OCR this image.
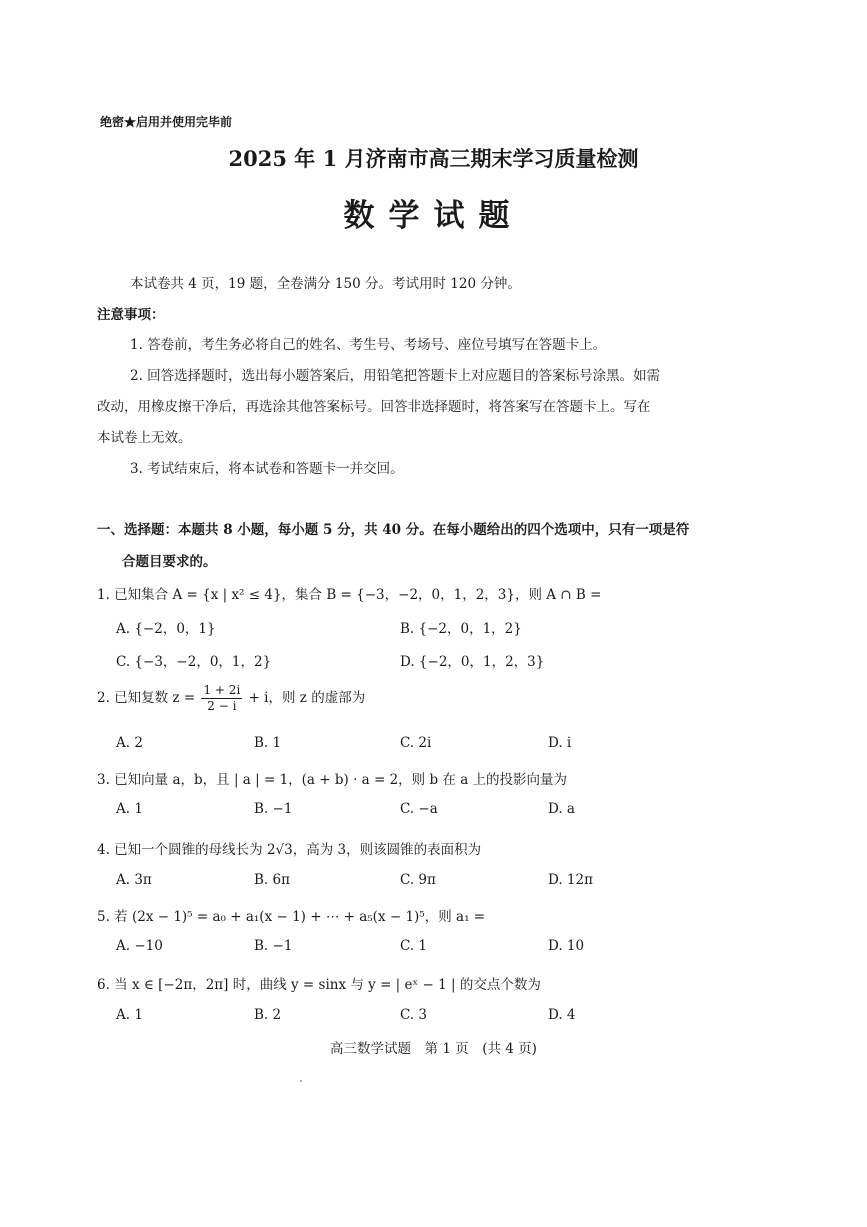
绝密★启用并使用完毕前
2025 年 1 月济南市高三期末学习质量检测
数学试题
本试卷共 4 页，19 题，全卷满分 150 分。考试用时 120 分钟。
注意事项：
1. 答卷前，考生务必将自己的姓名、考生号、考场号、座位号填写在答题卡上。
2. 回答选择题时，选出每小题答案后，用铅笔把答题卡上对应题目的答案标号涂黑。如需
改动，用橡皮擦干净后，再选涂其他答案标号。回答非选择题时，将答案写在答题卡上。写在
本试卷上无效。
3. 考试结束后，将本试卷和答题卡一并交回。
一、选择题：本题共 8 小题，每小题 5 分，共 40 分。在每小题给出的四个选项中，只有一项是符
合题目要求的。
1. 已知集合 A = {x | x² ≤ 4}，集合 B = {−3，−2，0，1，2，3}，则 A ∩ B =
A. {−2，0，1}	B. {−2，0，1，2}
C. {−3，−2，0，1，2}	D. {−2，0，1，2，3}
2. 已知复数 $z = \frac{1 + 2i}{2 - i} + i$，则 z 的虚部为
A. 2	B. 1	C. 2i	D. i
3. 已知向量 a，b，且 | a | = 1，(a + b) · a = 2，则 b 在 a 上的投影向量为
A. 1	B. −1	C. −a	D. a
4. 已知一个圆锥的母线长为 2√3，高为 3，则该圆锥的表面积为
A. 3π	B. 6π	C. 9π	D. 12π
5. 若 (2x − 1)⁵ = a₀ + a₁(x − 1) + ⋯ + a₅(x − 1)⁵，则 a₁ =
A. −10	B. −1	C. 1	D. 10
6. 当 x ∈ [−2π，2π] 时，曲线 y = sinx 与 y = | eˣ − 1 | 的交点个数为
A. 1	B. 2	C. 3	D. 4
高三数学试题　第 1 页　(共 4 页)
